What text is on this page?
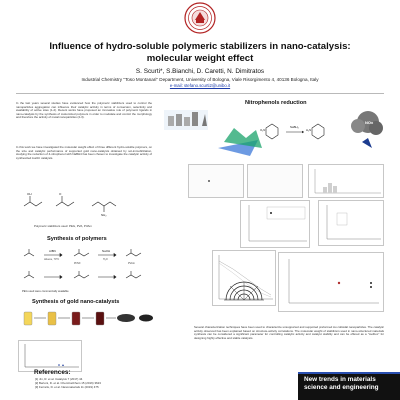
Influence of hydro-soluble polymeric stabilizers in nano-catalysis:
molecular weight effect
S. Scurti*, S.Bianchi, D. Caretti, N. Dimitratos
Industrial Chemistry "Toso Montanari" Department, University of Bologna, Viale Risorgimento 4, 40136 Bologna, Italy
e-mail: stefano.scurti2@unibo.it
In the last years several studies have evidenced how the polymeric stabilizers used to control the nanoparticles aggregation can influence their catalytic activity in terms of conversion, selectivity and availability of active sites (1-2). Recent works have proposed an innovative role of polymeric ligands in nano-catalysis by the synthesis of customized polymers in order to modulate and control the morphology and therefore the activity of metal nanoparticles (2-3).
In this work we have investigated the molecular weight effect of three different hydro-soluble polymers, on the size and catalytic performance of supported gold nano-catalysts obtained by sol-immobilization, studying the reduction of 4-nitrophenol with NaBH4 has been chosen to investigate the catalytic activity of synthesized Au/AC catalysts.
OH	O
NH₂
Polymeric stabilizers used: PEG, PVA, PVAm
Synthesis of polymers
AIBN
toluene, 70°C
NaOH
H₂O
PNVF	PVAm
PEG used were commercially available
Synthesis of gold nano-catalysts
Nitrophenols reduction
O₂N
NaBH₄
H₂N
NOx
Several characterization techniques have been used to characterize unsupported and supported preformed Au colloidal nanoparticles. The catalytic activity observed has been explained based on structure-activity correlations. The molecular weight of stabilizers used in nano-structured materials synthesis can be considered a significant parameter for controlling catalytic activity and catalyst stability and can be offered as a "toolbox" for designing highly effective and stable catalysts.
References:
[1] Jin, R. et al. Catalysis 7 (2017) 44
[2] Bertoni, D. et al. ChemCatChem 15 (2016) 3623
[3] Ferraris, D. et al. Nanomaterials 11 (2019) 475
New trends in materials
science and engineering
